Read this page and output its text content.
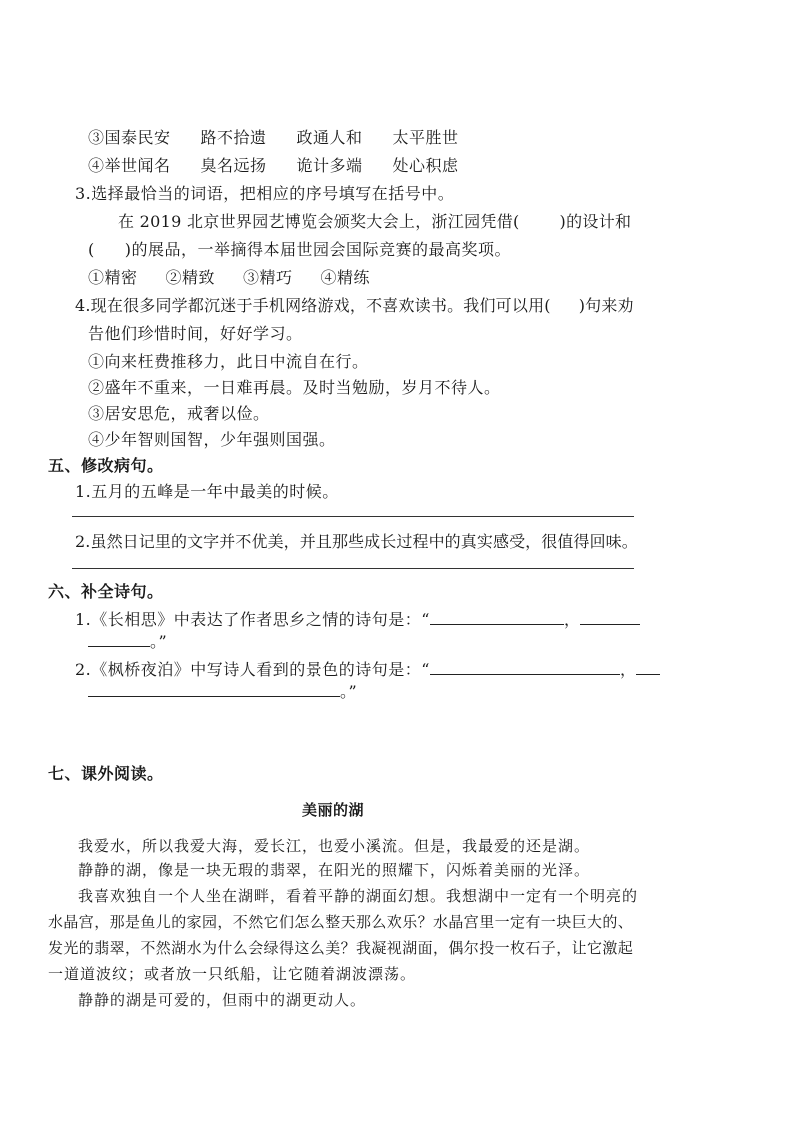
③国泰民安 路不拾遗 政通人和 太平胜世
④举世闻名 臭名远扬 诡计多端 处心积虑
3.选择最恰当的词语，把相应的序号填写在括号中。
在 2019 北京世界园艺博览会颁奖大会上，浙江园凭借(	)的设计和
( )的展品，一举摘得本届世园会国际竞赛的最高奖项。
①精密 ②精致 ③精巧 ④精练
4.现在很多同学都沉迷于手机网络游戏，不喜欢读书。我们可以用( )句来劝
告他们珍惜时间，好好学习。
①向来枉费推移力，此日中流自在行。
②盛年不重来，一日难再晨。及时当勉励，岁月不待人。
③居安思危，戒奢以俭。
④少年智则国智，少年强则国强。
五、修改病句。
1.五月的五峰是一年中最美的时候。
2.虽然日记里的文字并不优美，并且那些成长过程中的真实感受，很值得回味。
六、补全诗句。
1.《长相思》中表达了作者思乡之情的诗句是：“	，
。”
2.《枫桥夜泊》中写诗人看到的景色的诗句是：“	，
。”
七、课外阅读。
美丽的湖
我爱水，所以我爱大海，爱长江，也爱小溪流。但是，我最爱的还是湖。
静静的湖，像是一块无瑕的翡翠，在阳光的照耀下，闪烁着美丽的光泽。
我喜欢独自一个人坐在湖畔，看着平静的湖面幻想。我想湖中一定有一个明亮的
水晶宫，那是鱼儿的家园，不然它们怎么整天那么欢乐？水晶宫里一定有一块巨大的、
发光的翡翠，不然湖水为什么会绿得这么美？我凝视湖面，偶尔投一枚石子，让它激起
一道道波纹；或者放一只纸船，让它随着湖波漂荡。
静静的湖是可爱的，但雨中的湖更动人。
